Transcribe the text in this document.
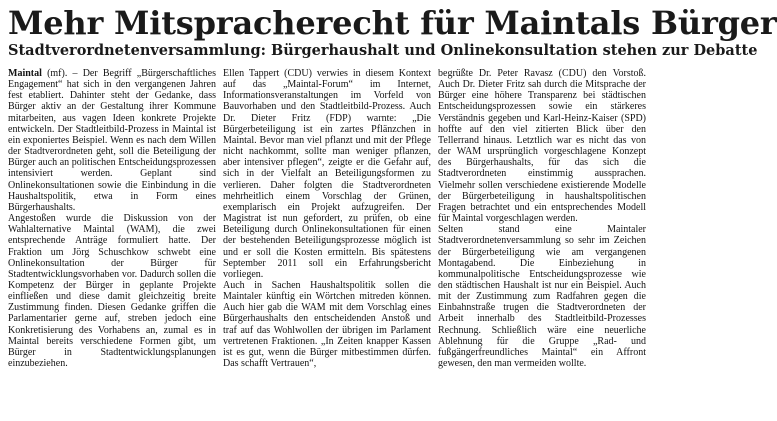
Mehr Mitspracherecht für Maintals Bürger
Stadtverordnetenversammlung: Bürgerhaushalt und Onlinekonsultation stehen zur Debatte

Maintal (mf). – Der Begriff „Bürgerschaftliches Engagement“ hat sich in den vergangenen Jahren fest etabliert. Dahinter steht der Gedanke, dass Bürger aktiv an der Gestaltung ihrer Kommune mitarbeiten, aus vagen Ideen konkrete Projekte entwickeln. Der Stadtleitbild-Prozess in Maintal ist ein exponiertes Beispiel. Wenn es nach dem Willen der Stadtverordneten geht, soll die Beteiligung der Bürger auch an politischen Entscheidungsprozessen intensiviert werden. Geplant sind Onlinekonsultationen sowie die Einbindung in die Haushaltspolitik, etwa in Form eines Bürgerhaushalts.

Angestoßen wurde die Diskussion von der Wahlalternative Maintal (WAM), die zwei entsprechende Anträge formuliert hatte. Der Fraktion um Jörg Schuschkow schwebt eine Onlinekonsultation der Bürger für Stadtentwicklungsvorhaben vor. Dadurch sollen die Kompetenz der Bürger in geplante Projekte einfließen und diese damit gleichzeitig breite Zustimmung finden. Diesen Gedanke griffen die Parlamentarier gerne auf, streben jedoch eine Konkretisierung des Vorhabens an, zumal es in Maintal bereits verschiedene Formen gibt, um Bürger in Stadtentwicklungsplanungen einzubeziehen.

Ellen Tappert (CDU) verwies in diesem Kontext auf das „Maintal-Forum“ im Internet, Informationsveranstaltungen im Vorfeld von Bauvorhaben und den Stadtleitbild-Prozess. Auch Dr. Dieter Fritz (FDP) warnte: „Die Bürgerbeteiligung ist ein zartes Pflänzchen in Maintal. Bevor man viel pflanzt und mit der Pflege nicht nachkommt, sollte man weniger pflanzen, aber intensiver pflegen“, zeigte er die Gefahr auf, sich in der Vielfalt an Beteiligungsformen zu verlieren. Daher folgten die Stadtverordneten mehrheitlich einem Vorschlag der Grünen, exemplarisch ein Projekt aufzugreifen. Der Magistrat ist nun gefordert, zu prüfen, ob eine Beteiligung durch Onlinekonsultationen für einen der bestehenden Beteiligungsprozesse möglich ist und er soll die Kosten ermitteln. Bis spätestens September 2011 soll ein Erfahrungsbericht vorliegen.

Auch in Sachen Haushaltspolitik sollen die Maintaler künftig ein Wörtchen mitreden können. Auch hier gab die WAM mit dem Vorschlag eines Bürgerhaushalts den entscheidenden Anstoß und traf auf das Wohlwollen der übrigen im Parlament vertretenen Fraktionen. „In Zeiten knapper Kassen ist es gut, wenn die Bürger mitbestimmen dürfen. Das schafft Vertrauen“,

begrüßte Dr. Peter Ravasz (CDU) den Vorstoß. Auch Dr. Dieter Fritz sah durch die Mitsprache der Bürger eine höhere Transparenz bei städtischen Entscheidungsprozessen sowie ein stärkeres Verständnis gegeben und Karl-Heinz-Kaiser (SPD) hoffte auf den viel zitierten Blick über den Tellerrand hinaus. Letztlich war es nicht das von der WAM ursprünglich vorgeschlagene Konzept des Bürgerhaushalts, für das sich die Stadtverordneten einstimmig aussprachen. Vielmehr sollen verschiedene existierende Modelle der Bürgerbeteiligung in haushaltspolitischen Fragen betrachtet und ein entsprechendes Modell für Maintal vorgeschlagen werden.

Selten stand eine Maintaler Stadtverordnetenversammlung so sehr im Zeichen der Bürgerbeteiligung wie am vergangenen Montagabend. Die Einbeziehung in kommunalpolitische Entscheidungsprozesse wie den städtischen Haushalt ist nur ein Beispiel. Auch mit der Zustimmung zum Radfahren gegen die Einbahnstraße trugen die Stadtverordneten der Arbeit innerhalb des Stadtleitbild-Prozesses Rechnung. Schließlich wäre eine neuerliche Ablehnung für die Gruppe „Rad- und fußgängerfreundliches Maintal“ ein Affront gewesen, den man vermeiden wollte.
